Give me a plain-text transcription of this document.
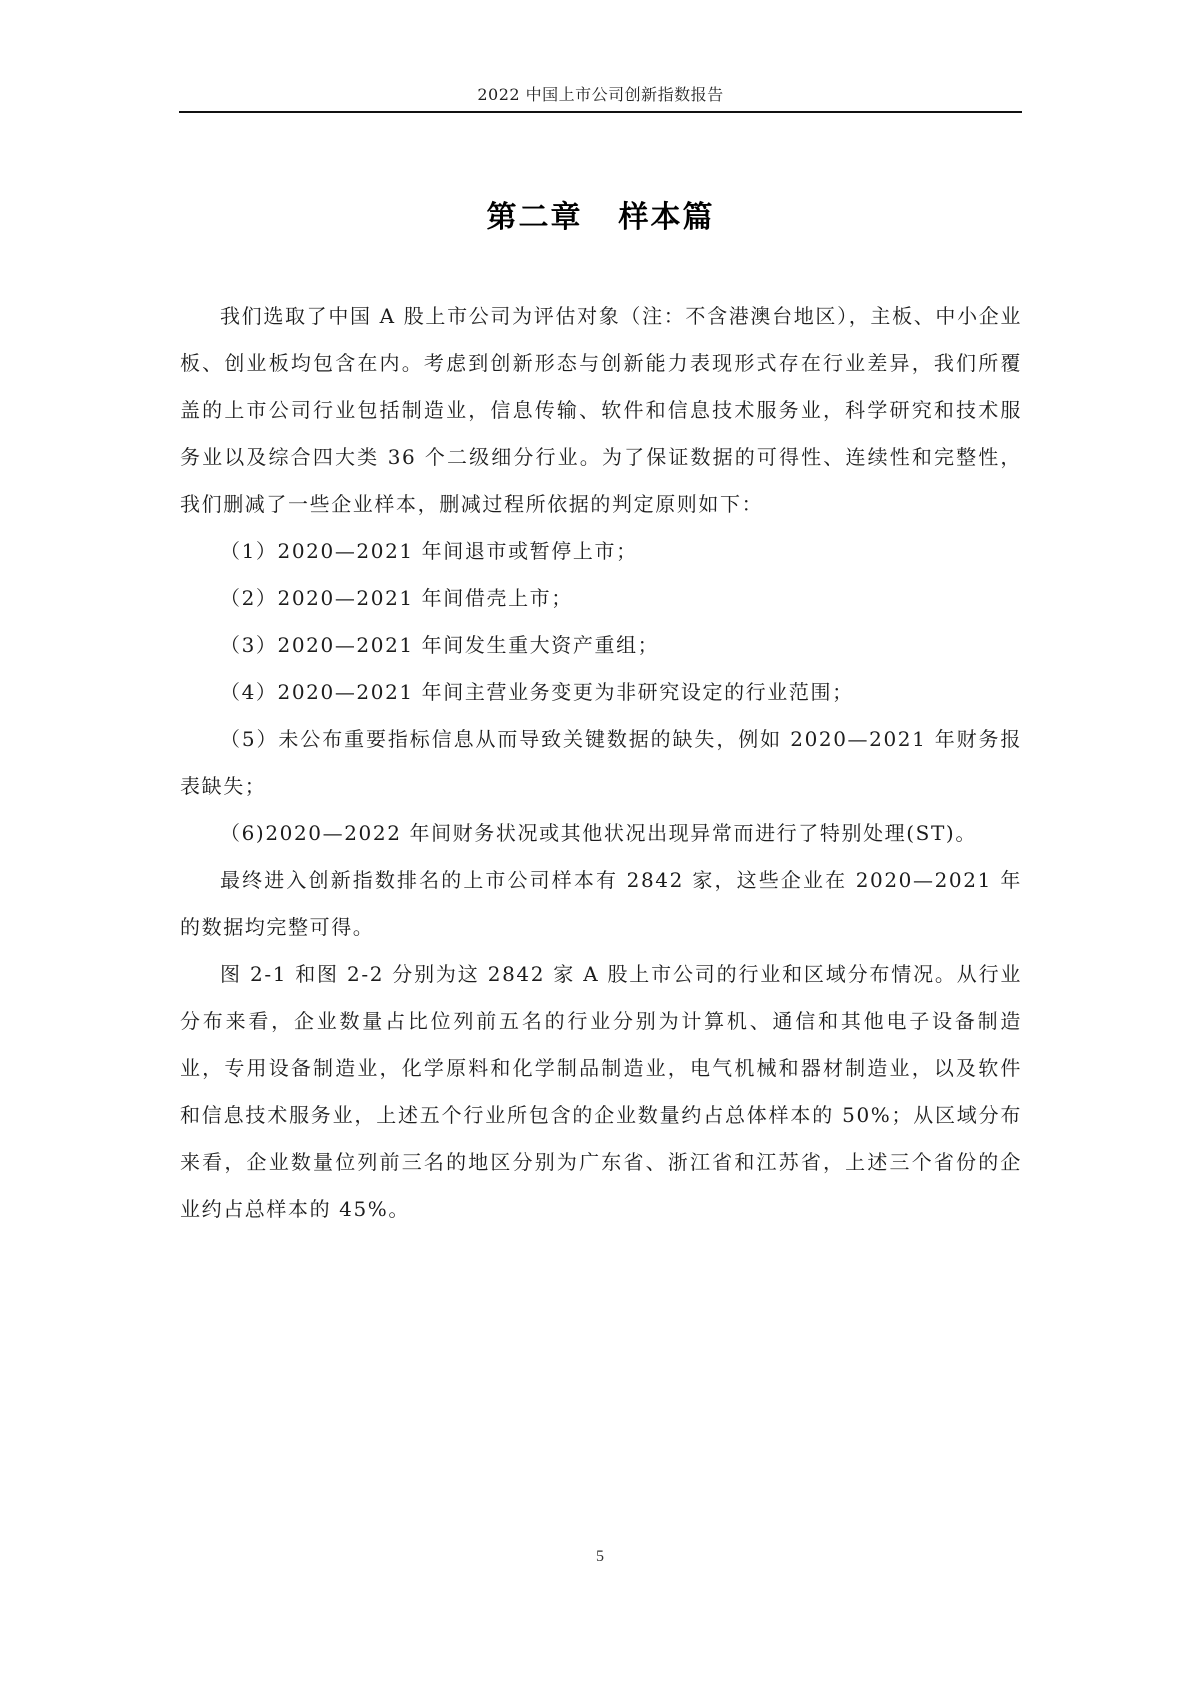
2022 中国上市公司创新指数报告
第二章 样本篇

我们选取了中国 A 股上市公司为评估对象（注：不含港澳台地区），主板、中小企业板、创业板均包含在内。考虑到创新形态与创新能力表现形式存在行业差异，我们所覆盖的上市公司行业包括制造业，信息传输、软件和信息技术服务业，科学研究和技术服务业以及综合四大类 36 个二级细分行业。为了保证数据的可得性、连续性和完整性，我们删减了一些企业样本，删减过程所依据的判定原则如下：

（1）2020—2021 年间退市或暂停上市；

（2）2020—2021 年间借壳上市；

（3）2020—2021 年间发生重大资产重组；

（4）2020—2021 年间主营业务变更为非研究设定的行业范围；

（5）未公布重要指标信息从而导致关键数据的缺失，例如 2020—2021 年财务报表缺失；

（6)2020—2022 年间财务状况或其他状况出现异常而进行了特别处理(ST)。

最终进入创新指数排名的上市公司样本有 2842 家，这些企业在 2020—2021 年的数据均完整可得。

图 2-1 和图 2-2 分别为这 2842 家 A 股上市公司的行业和区域分布情况。从行业分布来看，企业数量占比位列前五名的行业分别为计算机、通信和其他电子设备制造业，专用设备制造业，化学原料和化学制品制造业，电气机械和器材制造业，以及软件和信息技术服务业，上述五个行业所包含的企业数量约占总体样本的 50%；从区域分布来看，企业数量位列前三名的地区分别为广东省、浙江省和江苏省，上述三个省份的企业约占总样本的 45%。

5
